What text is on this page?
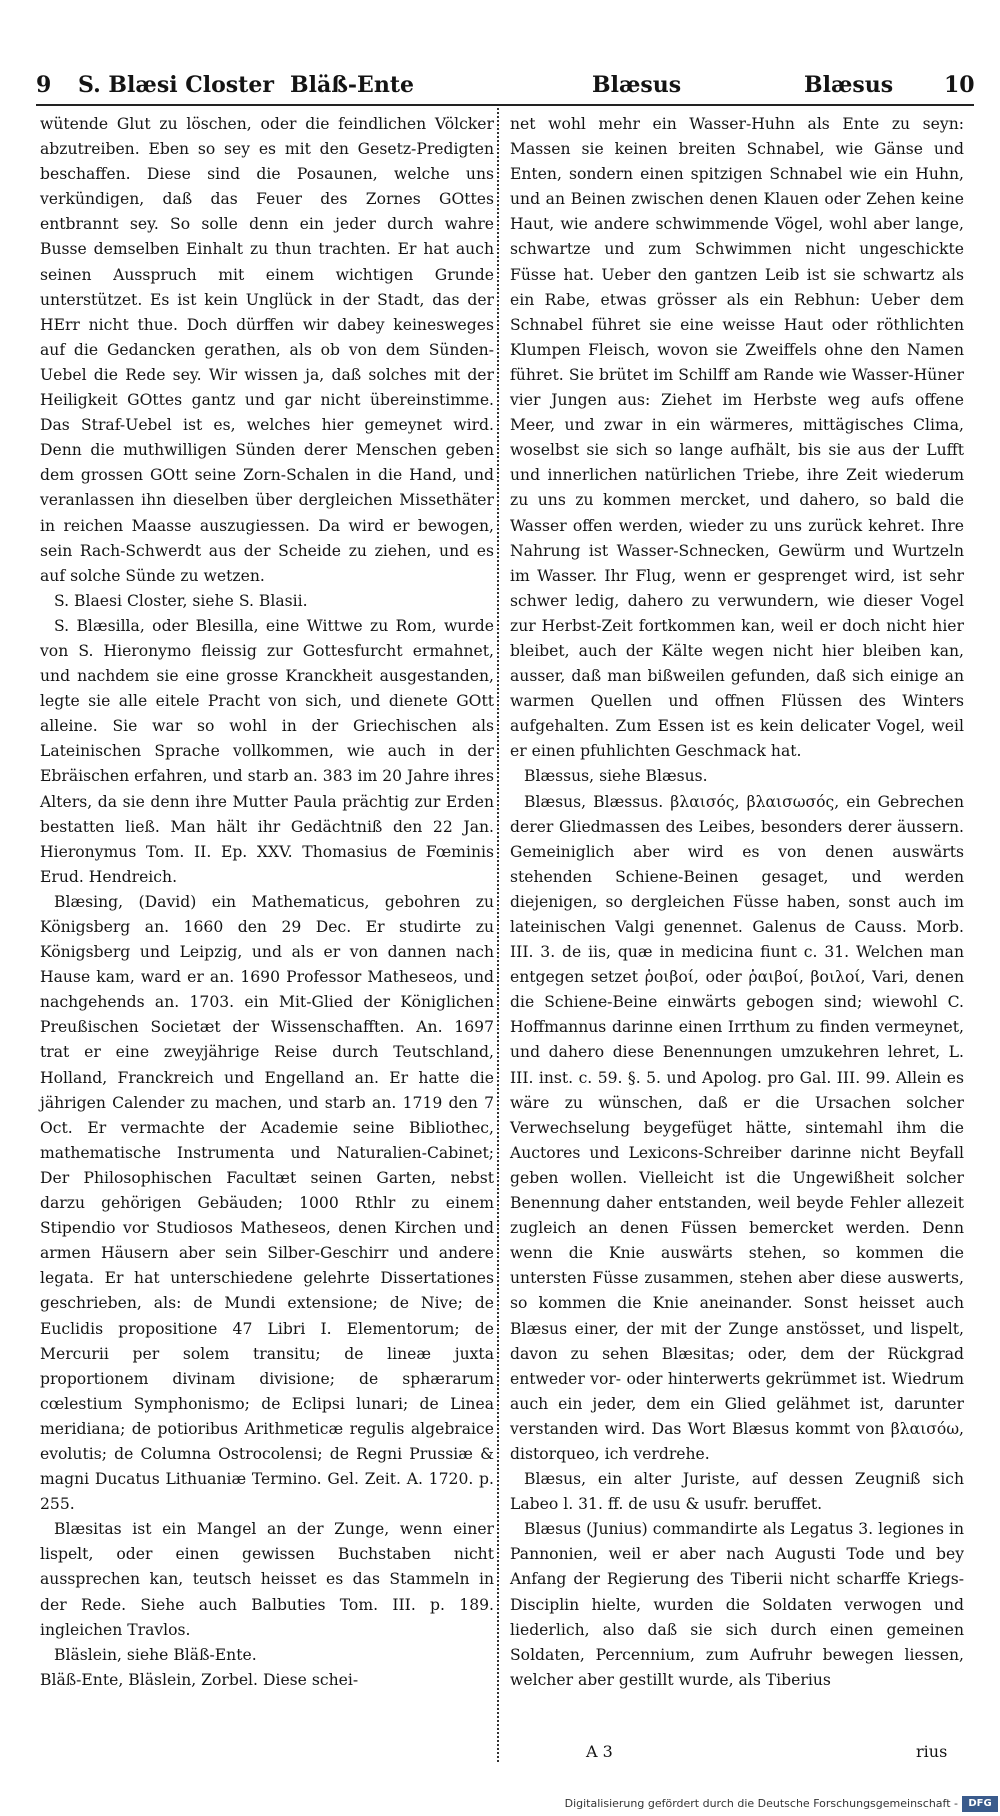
9 S. Blæsi Closter Bläß-Ente	Blæsus	Blæsus 10

wütende Glut zu löschen, oder die feindlichen Völcker abzutreiben. Eben so sey es mit den Gesetz-Predigten beschaffen. Diese sind die Posaunen, welche uns verkündigen, daß das Feuer des Zornes GOttes entbrannt sey. So solle denn ein jeder durch wahre Busse demselben Einhalt zu thun trachten. Er hat auch seinen Ausspruch mit einem wichtigen Grunde unterstützet. Es ist kein Unglück in der Stadt, das der HErr nicht thue. Doch dürffen wir dabey keinesweges auf die Gedancken gerathen, als ob von dem Sünden-Uebel die Rede sey. Wir wissen ja, daß solches mit der Heiligkeit GOttes gantz und gar nicht übereinstimme. Das Straf-Uebel ist es, welches hier gemeynet wird. Denn die muthwilligen Sünden derer Menschen geben dem grossen GOtt seine Zorn-Schalen in die Hand, und veranlassen ihn dieselben über dergleichen Missethäter in reichen Maasse auszugiessen. Da wird er bewogen, sein Rach-Schwerdt aus der Scheide zu ziehen, und es auf solche Sünde zu wetzen.

S. Blaesi Closter, siehe S. Blasii.

S. Blæsilla, oder Blesilla, eine Wittwe zu Rom, wurde von S. Hieronymo fleissig zur Gottesfurcht ermahnet, und nachdem sie eine grosse Kranckheit ausgestanden, legte sie alle eitele Pracht von sich, und dienete GOtt alleine. Sie war so wohl in der Griechischen als Lateinischen Sprache vollkommen, wie auch in der Ebräischen erfahren, und starb an. 383 im 20 Jahre ihres Alters, da sie denn ihre Mutter Paula prächtig zur Erden bestatten ließ. Man hält ihr Gedächtniß den 22 Jan. Hieronymus Tom. II. Ep. XXV. Thomasius de Fœminis Erud. Hendreich.

Blæsing, (David) ein Mathematicus, gebohren zu Königsberg an. 1660 den 29 Dec. Er studirte zu Königsberg und Leipzig, und als er von dannen nach Hause kam, ward er an. 1690 Professor Matheseos, und nachgehends an. 1703. ein Mit-Glied der Königlichen Preußischen Societæt der Wissenschafften. An. 1697 trat er eine zweyjährige Reise durch Teutschland, Holland, Franckreich und Engelland an. Er hatte die jährigen Calender zu machen, und starb an. 1719 den 7 Oct. Er vermachte der Academie seine Bibliothec, mathematische Instrumenta und Naturalien-Cabinet; Der Philosophischen Facultæt seinen Garten, nebst darzu gehörigen Gebäuden; 1000 Rthlr zu einem Stipendio vor Studiosos Matheseos, denen Kirchen und armen Häusern aber sein Silber-Geschirr und andere legata. Er hat unterschiedene gelehrte Dissertationes geschrieben, als: de Mundi extensione; de Nive; de Euclidis propositione 47 Libri I. Elementorum; de Mercurii per solem transitu; de lineæ juxta proportionem divinam divisione; de sphærarum cœlestium Symphonismo; de Eclipsi lunari; de Linea meridiana; de potioribus Arithmeticæ regulis algebraice evolutis; de Columna Ostrocolensi; de Regni Prussiæ & magni Ducatus Lithuaniæ Termino. Gel. Zeit. A. 1720. p. 255.

Blæsitas ist ein Mangel an der Zunge, wenn einer lispelt, oder einen gewissen Buchstaben nicht aussprechen kan, teutsch heisset es das Stammeln in der Rede. Siehe auch Balbuties Tom. III. p. 189. ingleichen Travlos.

Bläslein, siehe Bläß-Ente.

Bläß-Ente, Bläslein, Zorbel. Diese schei-

net wohl mehr ein Wasser-Huhn als Ente zu seyn: Massen sie keinen breiten Schnabel, wie Gänse und Enten, sondern einen spitzigen Schnabel wie ein Huhn, und an Beinen zwischen denen Klauen oder Zehen keine Haut, wie andere schwimmende Vögel, wohl aber lange, schwartze und zum Schwimmen nicht ungeschickte Füsse hat. Ueber den gantzen Leib ist sie schwartz als ein Rabe, etwas grösser als ein Rebhun: Ueber dem Schnabel führet sie eine weisse Haut oder röthlichten Klumpen Fleisch, wovon sie Zweiffels ohne den Namen führet. Sie brütet im Schilff am Rande wie Wasser-Hüner vier Jungen aus: Ziehet im Herbste weg aufs offene Meer, und zwar in ein wärmeres, mittägisches Clima, woselbst sie sich so lange aufhält, bis sie aus der Lufft und innerlichen natürlichen Triebe, ihre Zeit wiederum zu uns zu kommen mercket, und dahero, so bald die Wasser offen werden, wieder zu uns zurück kehret. Ihre Nahrung ist Wasser-Schnecken, Gewürm und Wurtzeln im Wasser. Ihr Flug, wenn er gesprenget wird, ist sehr schwer ledig, dahero zu verwundern, wie dieser Vogel zur Herbst-Zeit fortkommen kan, weil er doch nicht hier bleibet, auch der Kälte wegen nicht hier bleiben kan, ausser, daß man bißweilen gefunden, daß sich einige an warmen Quellen und offnen Flüssen des Winters aufgehalten. Zum Essen ist es kein delicater Vogel, weil er einen pfuhlichten Geschmack hat.

Blæssus, siehe Blæsus.

Blæsus, Blæssus. βλαισός, βλαισωσός, ein Gebrechen derer Gliedmassen des Leibes, besonders derer äussern. Gemeiniglich aber wird es von denen auswärts stehenden Schiene-Beinen gesaget, und werden diejenigen, so dergleichen Füsse haben, sonst auch im lateinischen Valgi genennet. Galenus de Causs. Morb. III. 3. de iis, quæ in medicina fiunt c. 31. Welchen man entgegen setzet ῥοιβοί, oder ῥαιβοί, βοιλοί, Vari, denen die Schiene-Beine einwärts gebogen sind; wiewohl C. Hoffmannus darinne einen Irrthum zu finden vermeynet, und dahero diese Benennungen umzukehren lehret, L. III. inst. c. 59. §. 5. und Apolog. pro Gal. III. 99. Allein es wäre zu wünschen, daß er die Ursachen solcher Verwechselung beygefüget hätte, sintemahl ihm die Auctores und Lexicons-Schreiber darinne nicht Beyfall geben wollen. Vielleicht ist die Ungewißheit solcher Benennung daher entstanden, weil beyde Fehler allezeit zugleich an denen Füssen bemercket werden. Denn wenn die Knie auswärts stehen, so kommen die untersten Füsse zusammen, stehen aber diese auswerts, so kommen die Knie aneinander. Sonst heisset auch Blæsus einer, der mit der Zunge anstösset, und lispelt, davon zu sehen Blæsitas; oder, dem der Rückgrad entweder vor- oder hinterwerts gekrümmet ist. Wiedrum auch ein jeder, dem ein Glied gelähmet ist, darunter verstanden wird. Das Wort Blæsus kommt von βλαισόω, distorqueo, ich verdrehe.

Blæsus, ein alter Juriste, auf dessen Zeugniß sich Labeo l. 31. ff. de usu & usufr. beruffet.

Blæsus (Junius) commandirte als Legatus 3. legiones in Pannonien, weil er aber nach Augusti Tode und bey Anfang der Regierung des Tiberii nicht scharffe Kriegs-Disciplin hielte, wurden die Soldaten verwogen und liederlich, also daß sie sich durch einen gemeinen Soldaten, Percennium, zum Aufruhr bewegen liessen, welcher aber gestillt wurde, als Tiberius

A 3	rius
Digitalisierung gefördert durch die Deutsche Forschungsgemeinschaft -	DFG
